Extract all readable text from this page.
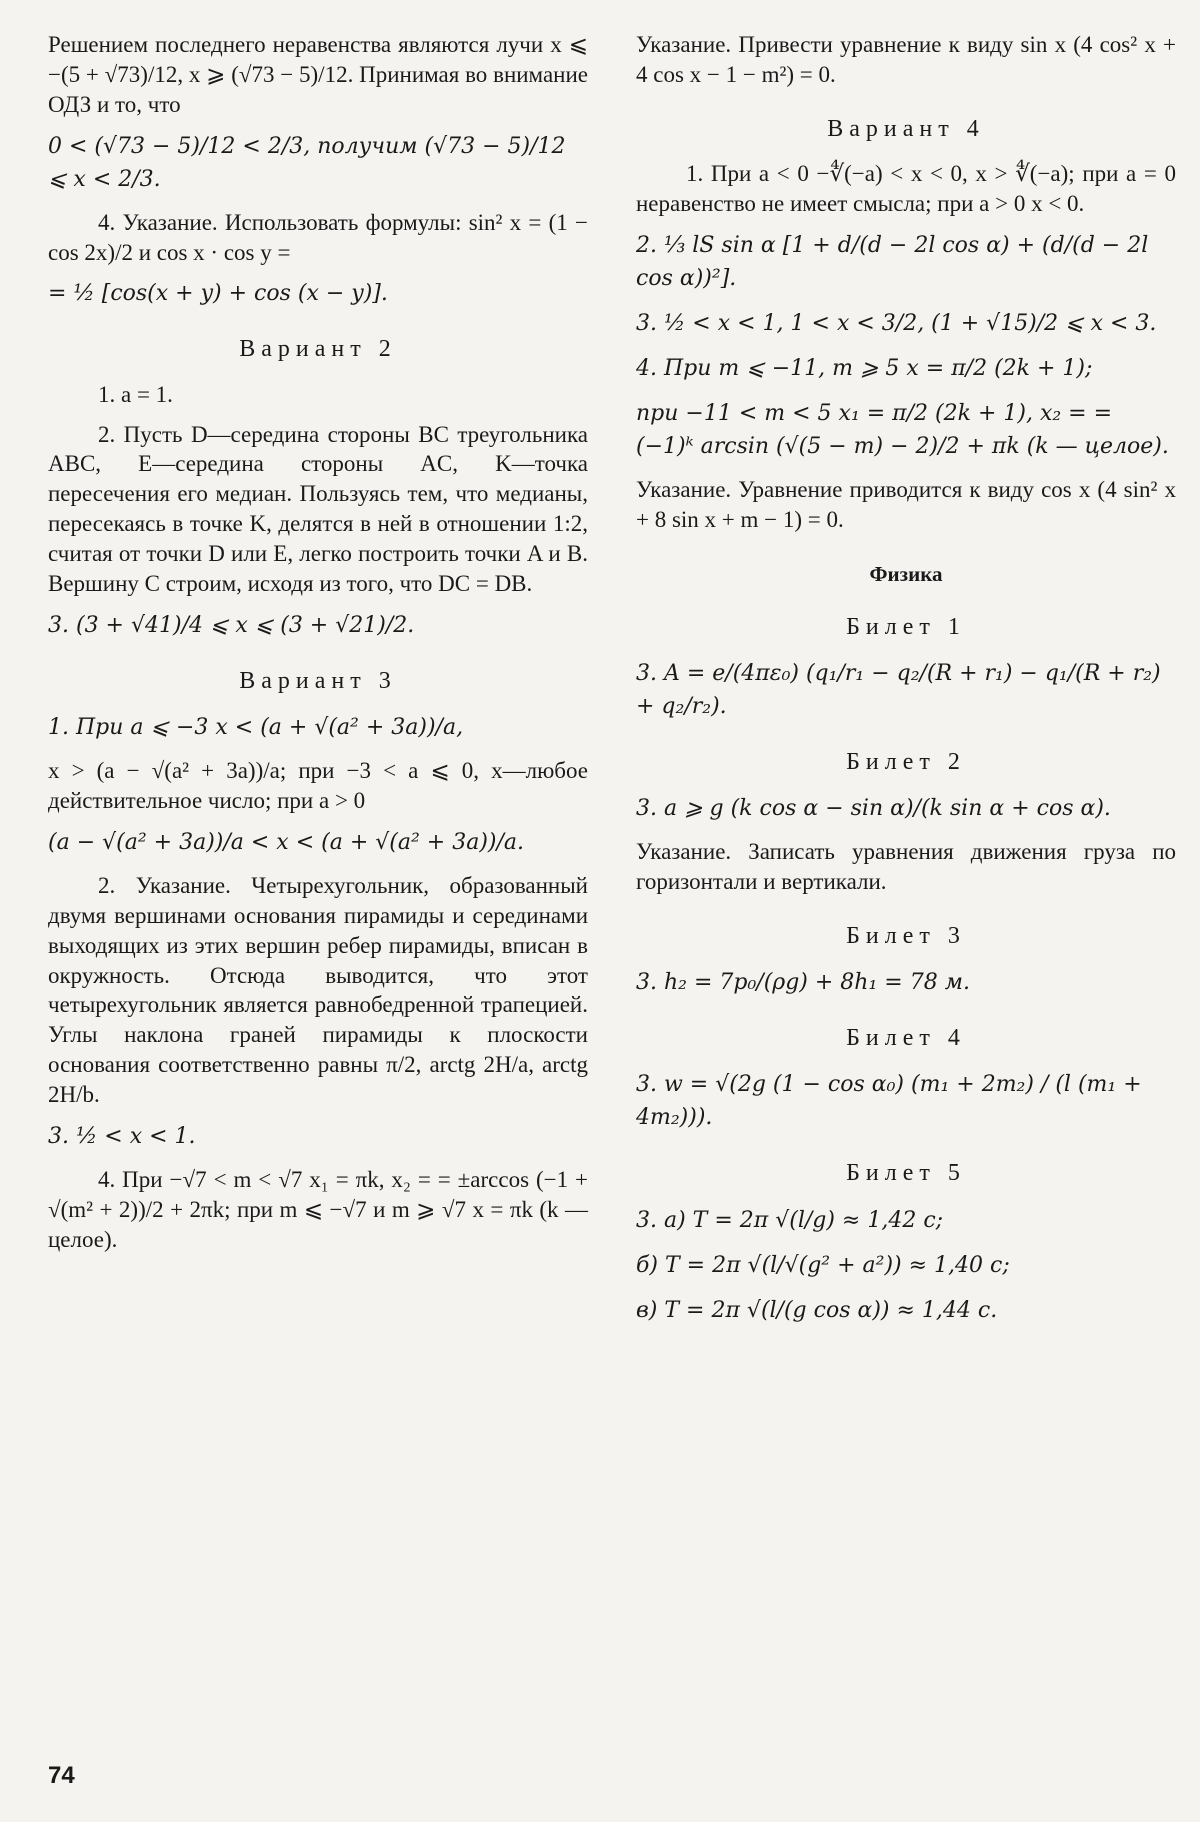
Решением последнего неравенства являются лучи x ⩽ −(5 + √73)/12, x ⩾ (√73 − 5)/12. Принимая во внимание ОДЗ и то, что
0 < (√73 − 5)/12 < 2/3, получим (√73 − 5)/12 ⩽ x < 2/3.
4. Указание. Использовать формулы: sin² x = (1 − cos 2x)/2 и cos x · cos y =
= ½ [cos(x + y) + cos (x − y)].
Вариант 2
1. a = 1.
2. Пусть D—середина стороны BC треугольника ABC, E—середина стороны AC, K—точка пересечения его медиан. Пользуясь тем, что медианы, пересекаясь в точке K, делятся в ней в отношении 1:2, считая от точки D или E, легко построить точки A и B. Вершину C строим, исходя из того, что DC = DB.
3. (3 + √41)/4 ⩽ x ⩽ (3 + √21)/2.
Вариант 3
1. При a ⩽ −3 x < (a + √(a² + 3a))/a,
x > (a − √(a² + 3a))/a; при −3 < a ⩽ 0, x—любое действительное число; при a > 0
(a − √(a² + 3a))/a < x < (a + √(a² + 3a))/a.
2. Указание. Четырехугольник, образованный двумя вершинами основания пирамиды и серединами выходящих из этих вершин ребер пирамиды, вписан в окружность. Отсюда выводится, что этот четырехугольник является равнобедренной трапецией. Углы наклона граней пирамиды к плоскости основания соответственно равны π/2, arctg 2H/a, arctg 2H/b.
3. ½ < x < 1.
4. При −√7 < m < √7 x₁ = πk, x₂ = = ±arccos (−1 + √(m² + 2))/2 + 2πk; при m ⩽ −√7 и m ⩾ √7 x = πk (k — целое).
Указание. Привести уравнение к виду sin x (4 cos² x + 4 cos x − 1 − m²) = 0.
Вариант 4
1. При a < 0 −∜(−a) < x < 0, x > ∜(−a); при a = 0 неравенство не имеет смысла; при a > 0 x < 0.
2. ⅓ lS sin α [1 + d/(d − 2l cos α) + (d/(d − 2l cos α))²].
3. ½ < x < 1, 1 < x < 3/2, (1 + √15)/2 ⩽ x < 3.
4. При m ⩽ −11, m ⩾ 5 x = π/2 (2k + 1);
при −11 < m < 5 x₁ = π/2 (2k + 1), x₂ = = (−1)ᵏ arcsin (√(5 − m) − 2)/2 + πk (k — целое).
Указание. Уравнение приводится к виду cos x (4 sin² x + 8 sin x + m − 1) = 0.
Физика
Билет 1
3. A = e/(4πε₀) (q₁/r₁ − q₂/(R + r₁) − q₁/(R + r₂) + q₂/r₂).
Билет 2
3. a ⩾ g (k cos α − sin α)/(k sin α + cos α).
Указание. Записать уравнения движения груза по горизонтали и вертикали.
Билет 3
3. h₂ = 7p₀/(ρg) + 8h₁ = 78 м.
Билет 4
3. w = √(2g (1 − cos α₀) (m₁ + 2m₂) / (l (m₁ + 4m₂))).
Билет 5
3. а) T = 2π √(l/g) ≈ 1,42 с;
б) T = 2π √(l/√(g² + a²)) ≈ 1,40 с;
в) T = 2π √(l/(g cos α)) ≈ 1,44 с.
74
